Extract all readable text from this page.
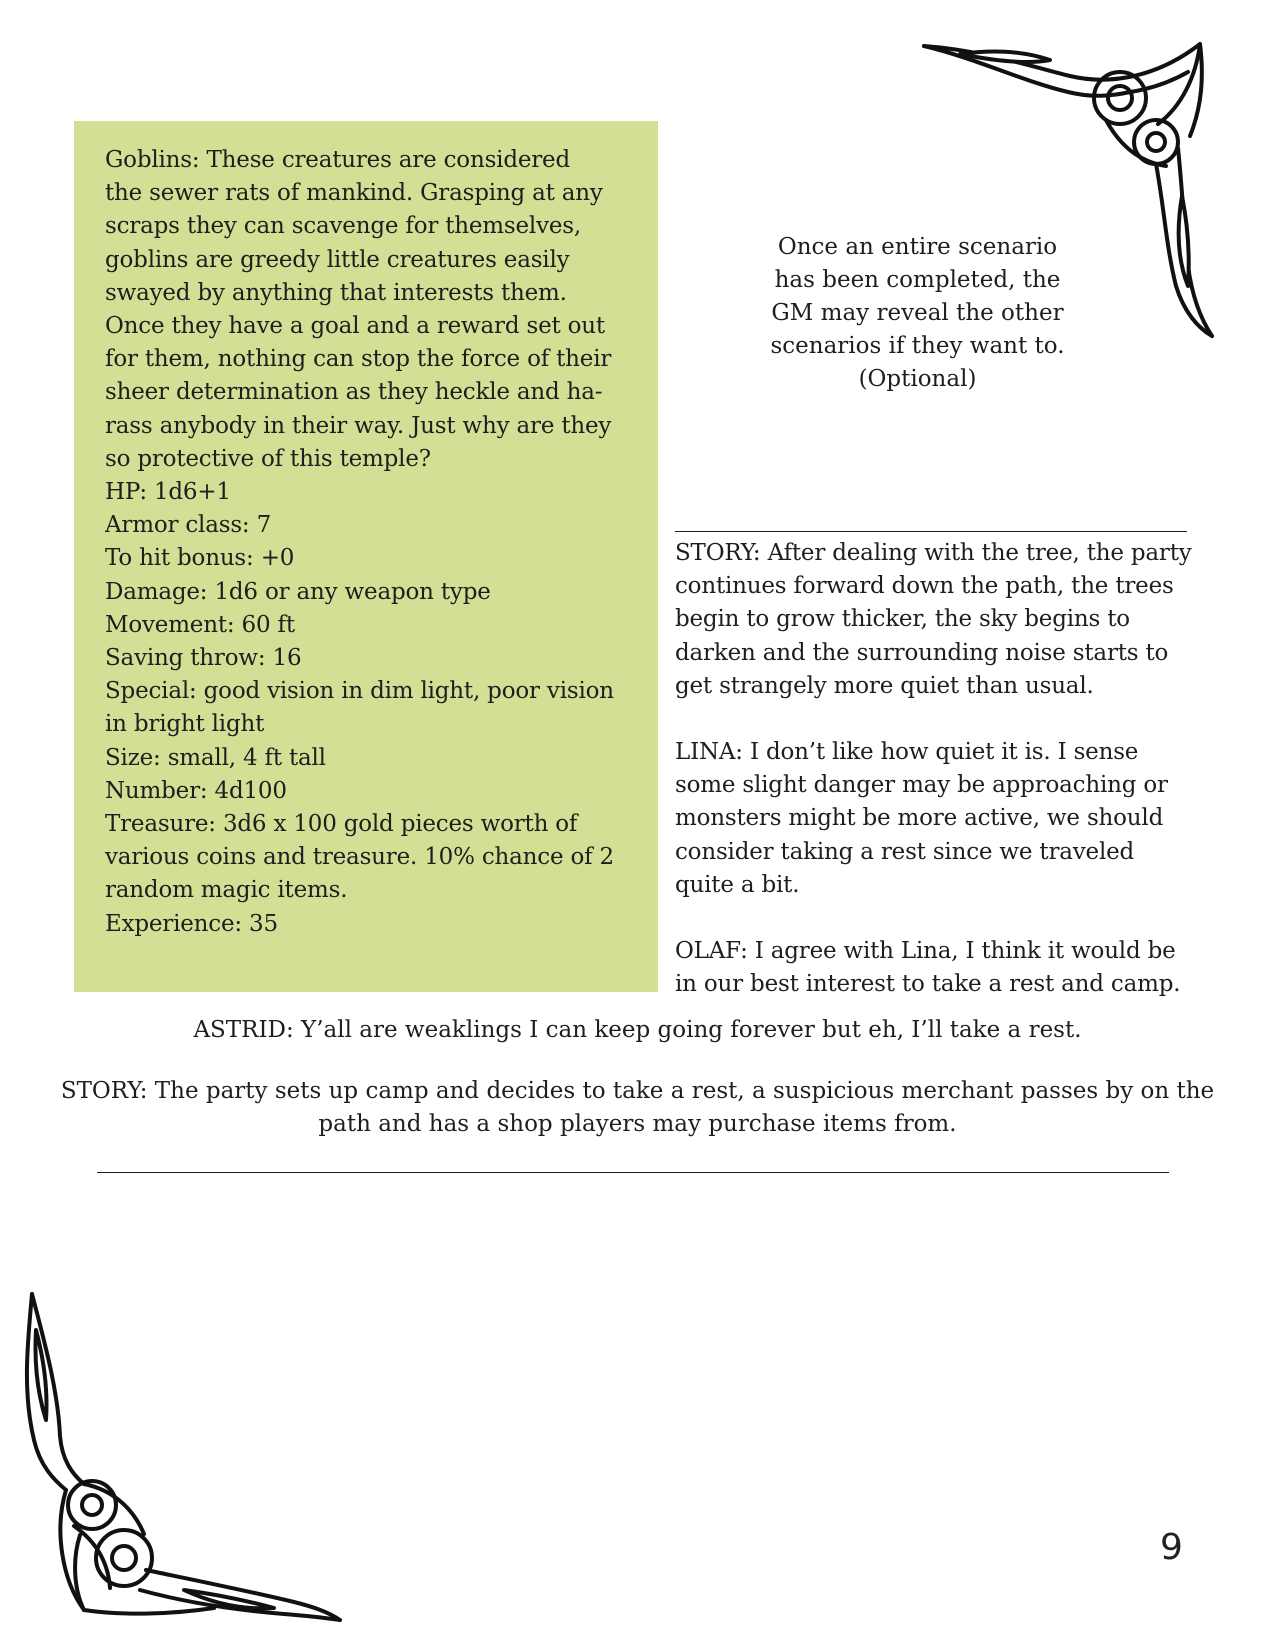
Goblins: These creatures are considered

the sewer rats of mankind. Grasping at any

scraps they can scavenge for themselves,

goblins are greedy little creatures easily

swayed by anything that interests them.

Once they have a goal and a reward set out

for them, nothing can stop the force of their

sheer determination as they heckle and ha-

rass anybody in their way. Just why are they

so protective of this temple?

HP: 1d6+1

Armor class: 7

To hit bonus: +0

Damage: 1d6 or any weapon type

Movement: 60 ft

Saving throw: 16

Special: good vision in dim light, poor vision

in bright light

Size: small, 4 ft tall

Number: 4d100

Treasure: 3d6 x 100 gold pieces worth of

various coins and treasure. 10% chance of 2

random magic items.

Experience: 35

Once an entire scenario

has been completed, the

GM may reveal the other

scenarios if they want to.

(Optional)

STORY: After dealing with the tree, the party
continues forward down the path, the trees
begin to grow thicker, the sky begins to
darken and the surrounding noise starts to
get strangely more quiet than usual.

LINA: I don’t like how quiet it is. I sense
some slight danger may be approaching or
monsters might be more active, we should
consider taking a rest since we traveled
quite a bit.

OLAF: I agree with Lina, I think it would be
in our best interest to take a rest and camp.

ASTRID: Y’all are weaklings I can keep going forever but eh, I’ll take a rest.

STORY: The party sets up camp and decides to take a rest, a suspicious merchant passes by on the

path and has a shop players may purchase items from.

9
